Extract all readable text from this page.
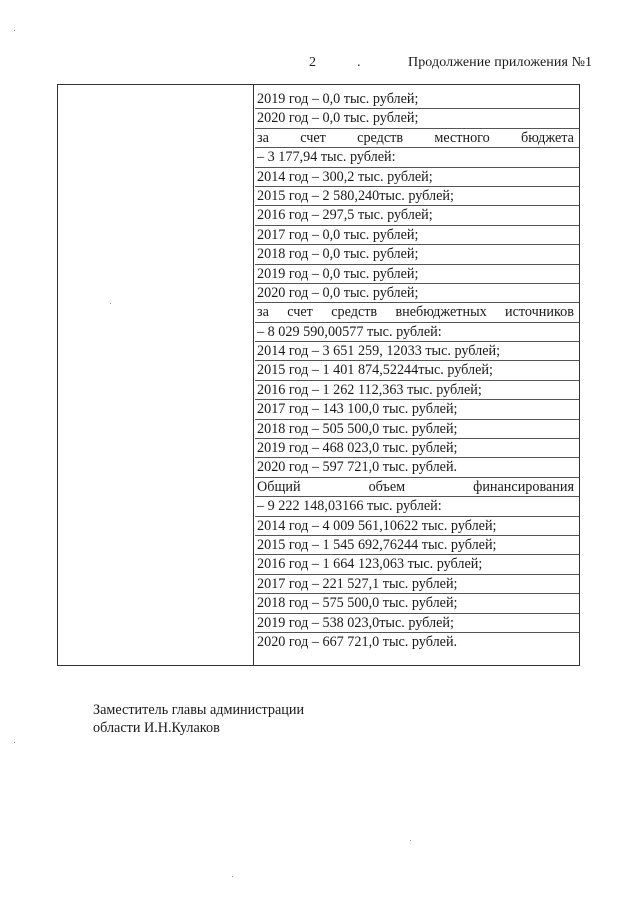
2	.	Продолжение приложения №1
2019 год – 0,0 тыс. рублей;
2020 год – 0,0 тыс. рублей;
за счет средств местного бюджета
– 3 177,94 тыс. рублей:
2014 год – 300,2 тыс. рублей;
2015 год – 2 580,240тыс. рублей;
2016 год – 297,5 тыс. рублей;
2017 год – 0,0 тыс. рублей;
2018 год – 0,0 тыс. рублей;
2019 год – 0,0 тыс. рублей;
2020 год – 0,0 тыс. рублей;
за счет средств внебюджетных источников
– 8 029 590,00577 тыс. рублей:
2014 год – 3 651 259, 12033 тыс. рублей;
2015 год – 1 401 874,52244тыс. рублей;
2016 год – 1 262 112,363 тыс. рублей;
2017 год – 143 100,0 тыс. рублей;
2018 год – 505 500,0 тыс. рублей;
2019 год – 468 023,0 тыс. рублей;
2020 год – 597 721,0 тыс. рублей.
Общий	объем	финансирования
– 9 222 148,03166 тыс. рублей:
2014 год – 4 009 561,10622 тыс. рублей;
2015 год – 1 545 692,76244 тыс. рублей;
2016 год – 1 664 123,063 тыс. рублей;
2017 год – 221 527,1 тыс. рублей;
2018 год – 575 500,0 тыс. рублей;
2019 год – 538 023,0тыс. рублей;
2020 год – 667 721,0 тыс. рублей.
Заместитель главы администрации
области И.Н.Кулаков
